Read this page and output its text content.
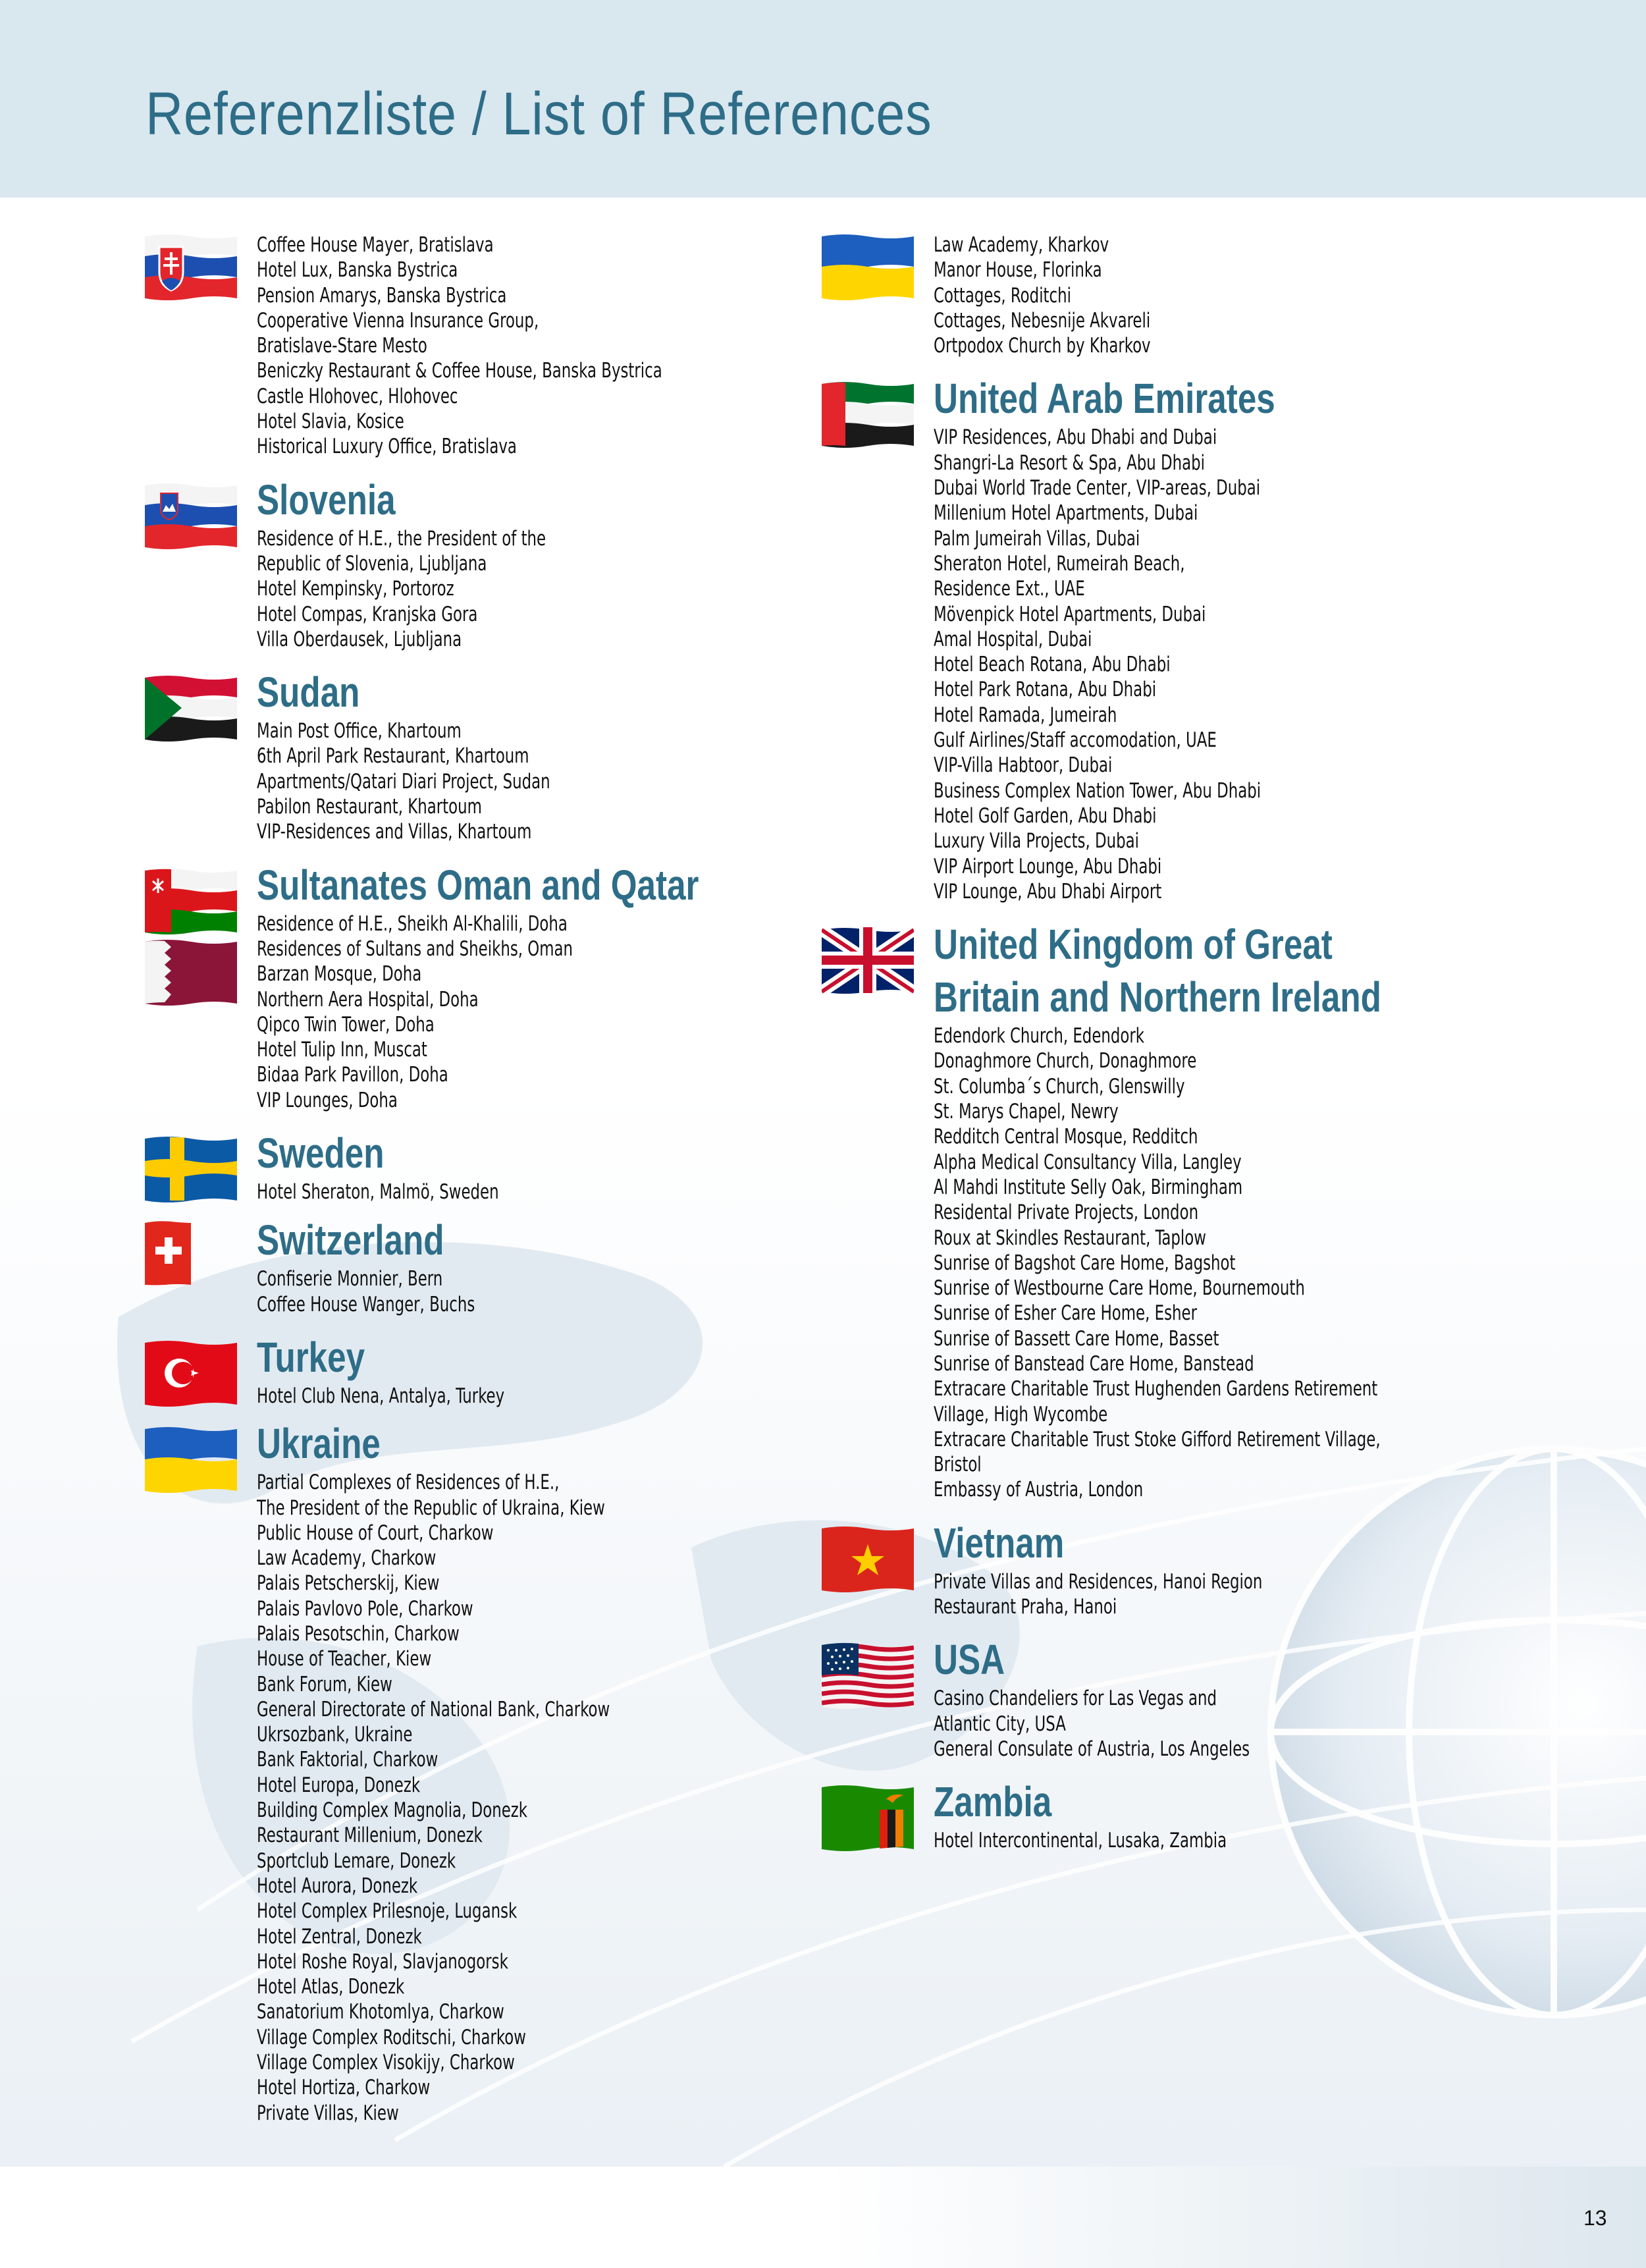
Referenzliste / List of References
13
Coffee House Mayer, Bratislava
Hotel Lux, Banska Bystrica
Pension Amarys, Banska Bystrica
Cooperative Vienna Insurance Group,
Bratislave-Stare Mesto
Beniczky Restaurant & Coffee House, Banska Bystrica
Castle Hlohovec, Hlohovec
Hotel Slavia, Kosice
Historical Luxury Office, Bratislava
Slovenia
Residence of H.E., the President of the
Republic of Slovenia, Ljubljana
Hotel Kempinsky, Portoroz
Hotel Compas, Kranjska Gora
Villa Oberdausek, Ljubljana
Sudan
Main Post Office, Khartoum
6th April Park Restaurant, Khartoum
Apartments/Qatari Diari Project, Sudan
Pabilon Restaurant, Khartoum
VIP-Residences and Villas, Khartoum
Sultanates Oman and Qatar
Residence of H.E., Sheikh Al-Khalili, Doha
Residences of Sultans and Sheikhs, Oman
Barzan Mosque, Doha
Northern Aera Hospital, Doha
Qipco Twin Tower, Doha
Hotel Tulip Inn, Muscat
Bidaa Park Pavillon, Doha
VIP Lounges, Doha
Sweden
Hotel Sheraton, Malmö, Sweden
Switzerland
Confiserie Monnier, Bern
Coffee House Wanger, Buchs
Turkey
Hotel Club Nena, Antalya, Turkey
Ukraine
Partial Complexes of Residences of H.E.,
The President of the Republic of Ukraina, Kiew
Public House of Court, Charkow
Law Academy, Charkow
Palais Petscherskij, Kiew
Palais Pavlovo Pole, Charkow
Palais Pesotschin, Charkow
House of Teacher, Kiew
Bank Forum, Kiew
General Directorate of National Bank, Charkow
Ukrsozbank, Ukraine
Bank Faktorial, Charkow
Hotel Europa, Donezk
Building Complex Magnolia, Donezk
Restaurant Millenium, Donezk
Sportclub Lemare, Donezk
Hotel Aurora, Donezk
Hotel Complex Prilesnoje, Lugansk
Hotel Zentral, Donezk
Hotel Roshe Royal, Slavjanogorsk
Hotel Atlas, Donezk
Sanatorium Khotomlya, Charkow
Village Complex Roditschi, Charkow
Village Complex Visokijy, Charkow
Hotel Hortiza, Charkow
Private Villas, Kiew
Law Academy, Kharkov
Manor House, Florinka
Cottages, Roditchi
Cottages, Nebesnije Akvareli
Ortpodox Church by Kharkov
United Arab Emirates
VIP Residences, Abu Dhabi and Dubai
Shangri-La Resort & Spa, Abu Dhabi
Dubai World Trade Center, VIP-areas, Dubai
Millenium Hotel Apartments, Dubai
Palm Jumeirah Villas, Dubai
Sheraton Hotel, Rumeirah Beach,
Residence Ext., UAE
Mövenpick Hotel Apartments, Dubai
Amal Hospital, Dubai
Hotel Beach Rotana, Abu Dhabi
Hotel Park Rotana, Abu Dhabi
Hotel Ramada, Jumeirah
Gulf Airlines/Staff accomodation, UAE
VIP-Villa Habtoor, Dubai
Business Complex Nation Tower, Abu Dhabi
Hotel Golf Garden, Abu Dhabi
Luxury Villa Projects, Dubai
VIP Airport Lounge, Abu Dhabi
VIP Lounge, Abu Dhabi Airport
United Kingdom of Great
Britain and Northern Ireland
Edendork Church, Edendork
Donaghmore Church, Donaghmore
St. Columba´s Church, Glenswilly
St. Marys Chapel, Newry
Redditch Central Mosque, Redditch
Alpha Medical Consultancy Villa, Langley
Al Mahdi Institute Selly Oak, Birmingham
Residental Private Projects, London
Roux at Skindles Restaurant, Taplow
Sunrise of Bagshot Care Home, Bagshot
Sunrise of Westbourne Care Home, Bournemouth
Sunrise of Esher Care Home, Esher
Sunrise of Bassett Care Home, Basset
Sunrise of Banstead Care Home, Banstead
Extracare Charitable Trust Hughenden Gardens Retirement
Village, High Wycombe
Extracare Charitable Trust Stoke Gifford Retirement Village,
Bristol
Embassy of Austria, London
Vietnam
Private Villas and Residences, Hanoi Region
Restaurant Praha, Hanoi
USA
Casino Chandeliers for Las Vegas and
Atlantic City, USA
General Consulate of Austria, Los Angeles
Zambia
Hotel Intercontinental, Lusaka, Zambia
